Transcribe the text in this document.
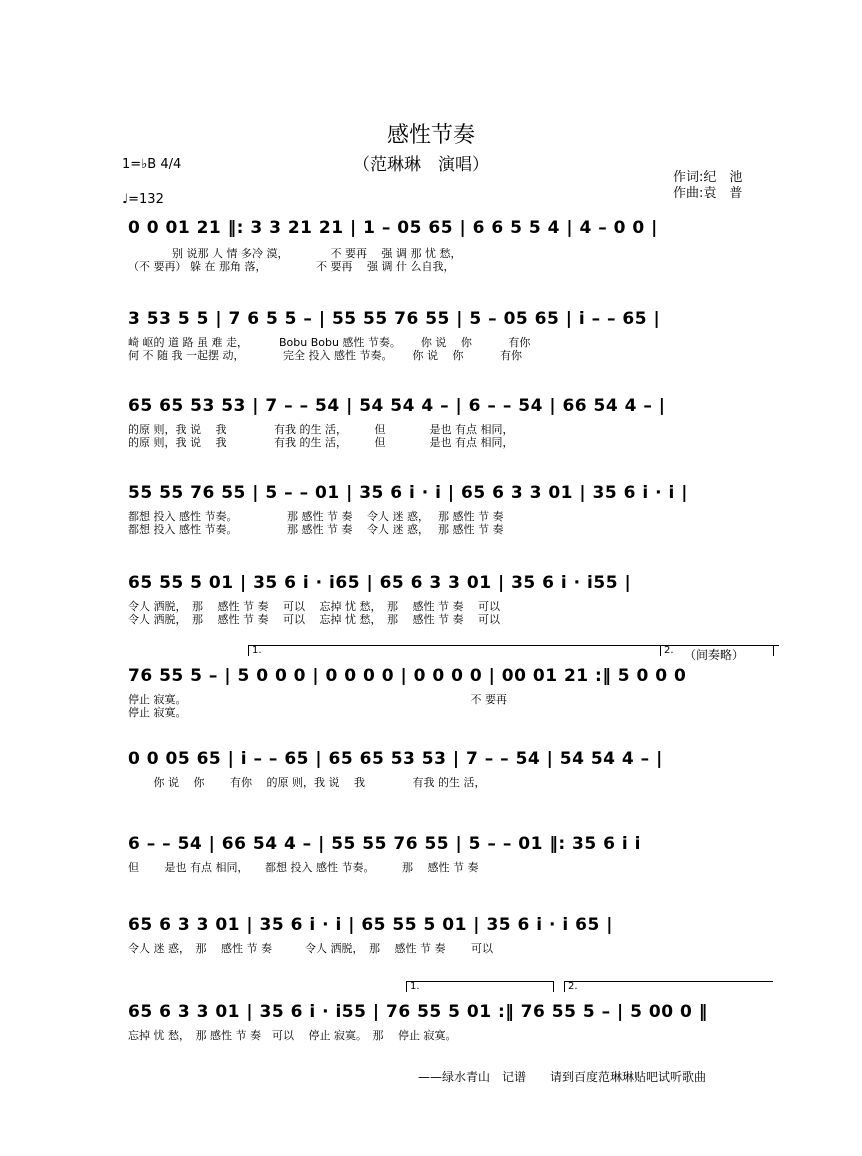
感性节奏
（范琳琳　演唱）
1=♭B 4/4
♩=132
作词:纪　池
作曲:袁　普
0 0 01 21 ‖: 3 3 21 21 | 1 – 05 65 | 6 6 5 5 4 | 4 – 0 0 |
　　　　别 说那 人 情 多冷 漠，　　　　 不 要再　 强 调 那 忧 愁，
（不 要再） 躲 在 那角 落，　　　　　不 要再　 强 调 什 么自我，
3 53 5 5 | 7 6 5 5 – | 55 55 76 55 | 5 – 05 65 | i – – 65 |
崎 岖的 道 路 虽 难 走，　　　 Bobu Bobu 感性 节奏。　　 你 说　 你　　　 有你
何 不 随 我 一起摆 动，　　　　完全 投入 感性 节奏。　　 你 说　 你　　　 有你
65 65 53 53 | 7 – – 54 | 54 54 4 – | 6 – – 54 | 66 54 4 – |
的原 则，我 说　 我　　　　 有我 的生 活，　　　但　　　　是也 有点 相同，
的原 则，我 说　 我　　　　 有我 的生 活，　　　但　　　　是也 有点 相同，
55 55 76 55 | 5 – – 01 | 35 6 i · i | 65 6 3 3 01 | 35 6 i · i |
都想 投入 感性 节奏。　　　　　那 感性 节 奏　 令人 迷 惑，　 那 感性 节 奏
都想 投入 感性 节奏。　　　　　那 感性 节 奏　 令人 迷 惑，　 那 感性 节 奏
65 55 5 01 | 35 6 i · i65 | 65 6 3 3 01 | 35 6 i · i55 |
令人 洒脱，　那　 感性 节 奏　 可以　 忘掉 忧 愁，　那　 感性 节 奏　 可以
令人 洒脱，　那　 感性 节 奏　 可以　 忘掉 忧 愁，　那　 感性 节 奏　 可以
1.	2. （间奏略）
76 55 5 – | 5 0 0 0 | 0 0 0 0 | 0 0 0 0 | 00 01 21 :‖ 5 0 0 0
停止 寂寞。　　　　　　　　　　　　　　　　　　　　　　　　　　 不 要再
停止 寂寞。
0 0 05 65 | i – – 65 | 65 65 53 53 | 7 – – 54 | 54 54 4 – |
　　 你 说　 你　　 有你　 的原 则，我 说　 我　　　　 有我 的生 活，
6 – – 54 | 66 54 4 – | 55 55 76 55 | 5 – – 01 ‖: 35 6 i i
但　　 是也 有点 相同，　　都想 投入 感性 节奏。　　　那　 感性 节 奏
65 6 3 3 01 | 35 6 i · i | 65 55 5 01 | 35 6 i · i 65 |
令人 迷 惑，　那　 感性 节 奏　　　令人 洒脱，　那　 感性 节 奏　　 可以
1.	2.
65 6 3 3 01 | 35 6 i · i55 | 76 55 5 01 :‖ 76 55 5 – | 5 00 0 ‖
忘掉 忧 愁，　那 感性 节 奏　可以　 停止 寂寞。　那　 停止 寂寞。
——绿水青山　记谱　　请到百度范琳琳贴吧试听歌曲
